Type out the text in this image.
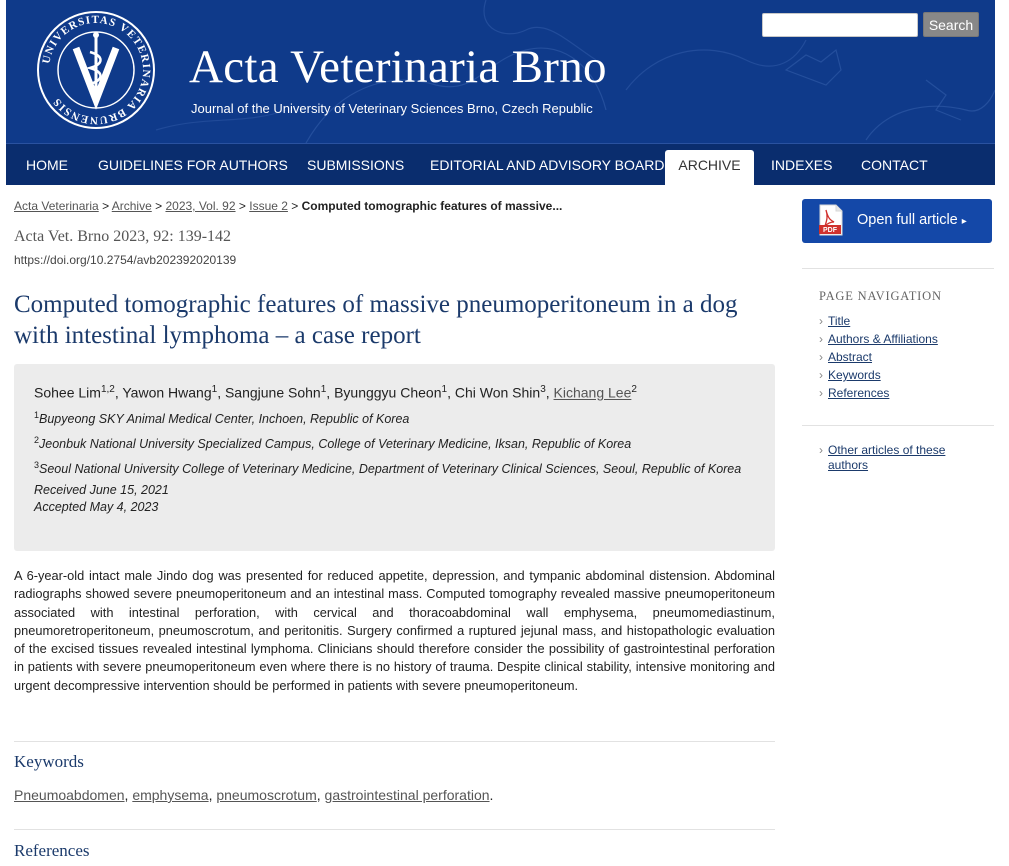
UNIVERSITAS VETERINARIA BRUNENSIS
Acta Veterinaria Brno
Journal of the University of Veterinary Sciences Brno, Czech Republic
Search
HOME GUIDELINES FOR AUTHORS SUBMISSIONS EDITORIAL AND ADVISORY BOARD ARCHIVE	INDEXES CONTACT
Acta Veterinaria > Archive > 2023, Vol. 92 > Issue 2 > Computed tomographic features of massive...
Acta Vet. Brno 2023, 92: 139-142
https://doi.org/10.2754/avb202392020139
Computed tomographic features of massive pneumoperitoneum in a dog with intestinal lymphoma – a case report

Sohee Lim$^{1,2}$, Yawon Hwang$^1$, Sangjune Sohn$^1$, Byunggyu Cheon$^1$, Chi Won Shin$^3$, Kichang Lee$^2$

$^1$Bupyeong SKY Animal Medical Center, Inchoen, Republic of Korea

$^2$Jeonbuk National University Specialized Campus, College of Veterinary Medicine, Iksan, Republic of Korea

$^3$Seoul National University College of Veterinary Medicine, Department of Veterinary Clinical Sciences, Seoul, Republic of Korea

Received June 15, 2021
Accepted May 4, 2023

A 6-year-old intact male Jindo dog was presented for reduced appetite, depression, and tympanic abdominal distension. Abdominal radiographs showed severe pneumoperitoneum and an intestinal mass. Computed tomography revealed massive pneumoperitoneum associated with intestinal perforation, with cervical and thoracoabdominal wall emphysema, pneumomediastinum, pneumoretroperitoneum, pneumoscrotum, and peritonitis. Surgery confirmed a ruptured jejunal mass, and histopathologic evaluation of the excised tissues revealed intestinal lymphoma. Clinicians should therefore consider the possibility of gastrointestinal perforation in patients with severe pneumoperitoneum even where there is no history of trauma. Despite clinical stability, intensive monitoring and urgent decompressive intervention should be performed in patients with severe pneumoperitoneum.

Keywords
Pneumoabdomen, emphysema, pneumoscrotum, gastrointestinal perforation.
References
PDF
Open full article ▸
PAGE NAVIGATION
› Title
› Authors & Affiliations
› Abstract
› Keywords
› References
› Other articles of these authors
